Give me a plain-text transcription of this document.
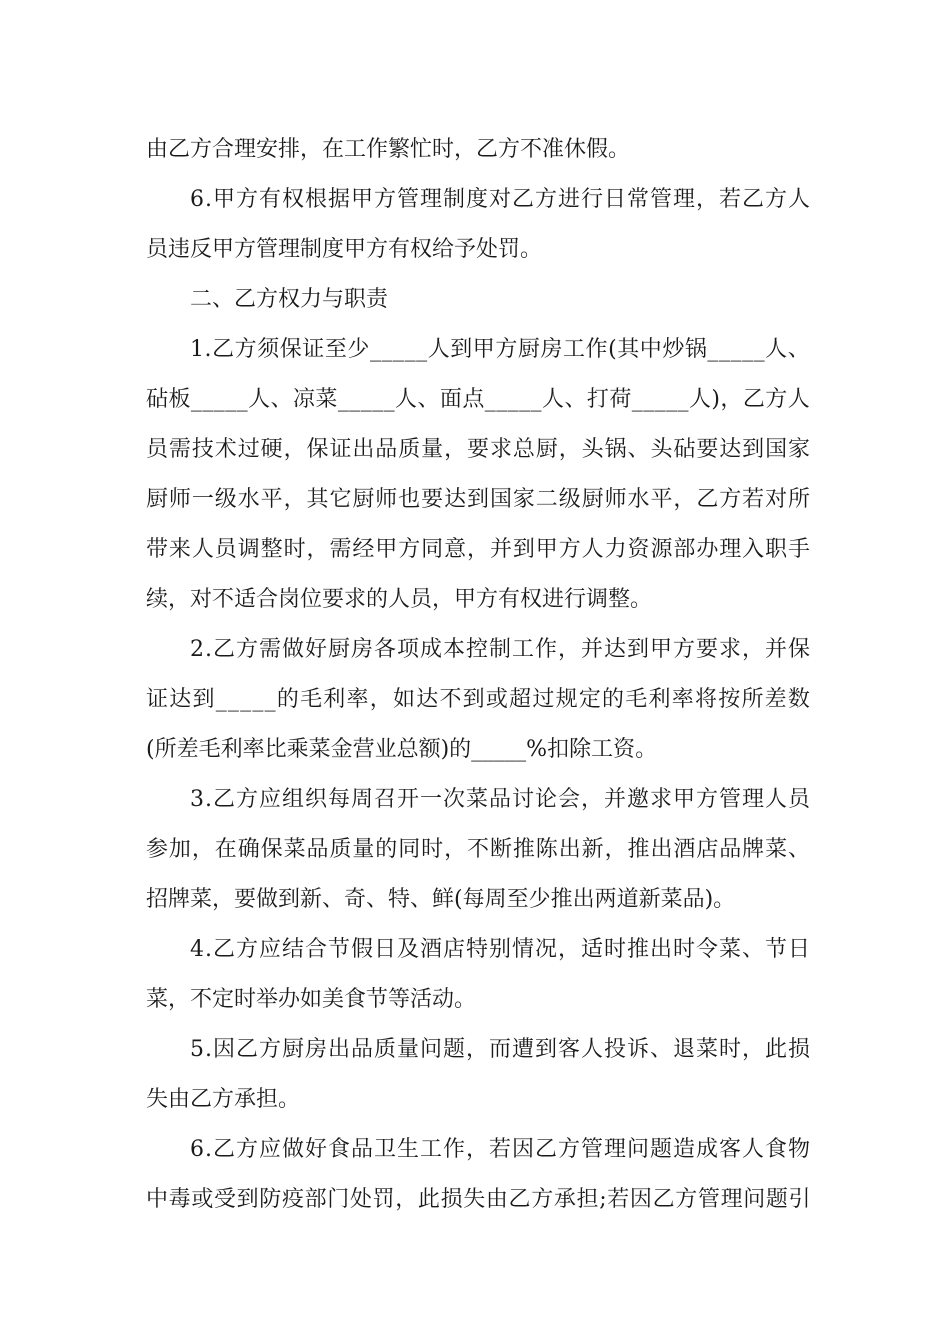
由乙方合理安排，在工作繁忙时，乙方不准休假。
6.甲方有权根据甲方管理制度对乙方进行日常管理，若乙方人
员违反甲方管理制度甲方有权给予处罚。
二、乙方权力与职责
1.乙方须保证至少_____人到甲方厨房工作(其中炒锅_____人、
砧板_____人、凉菜_____人、面点_____人、打荷_____人)，乙方人
员需技术过硬，保证出品质量，要求总厨，头锅、头砧要达到国家
厨师一级水平，其它厨师也要达到国家二级厨师水平，乙方若对所
带来人员调整时，需经甲方同意，并到甲方人力资源部办理入职手
续，对不适合岗位要求的人员，甲方有权进行调整。
2.乙方需做好厨房各项成本控制工作，并达到甲方要求，并保
证达到_____的毛利率，如达不到或超过规定的毛利率将按所差数
(所差毛利率比乘菜金营业总额)的_____%扣除工资。
3.乙方应组织每周召开一次菜品讨论会，并邀求甲方管理人员
参加，在确保菜品质量的同时，不断推陈出新，推出酒店品牌菜、
招牌菜，要做到新、奇、特、鲜(每周至少推出两道新菜品)。
4.乙方应结合节假日及酒店特别情况，适时推出时令菜、节日
菜，不定时举办如美食节等活动。
5.因乙方厨房出品质量问题，而遭到客人投诉、退菜时，此损
失由乙方承担。
6.乙方应做好食品卫生工作，若因乙方管理问题造成客人食物
中毒或受到防疫部门处罚，此损失由乙方承担;若因乙方管理问题引
